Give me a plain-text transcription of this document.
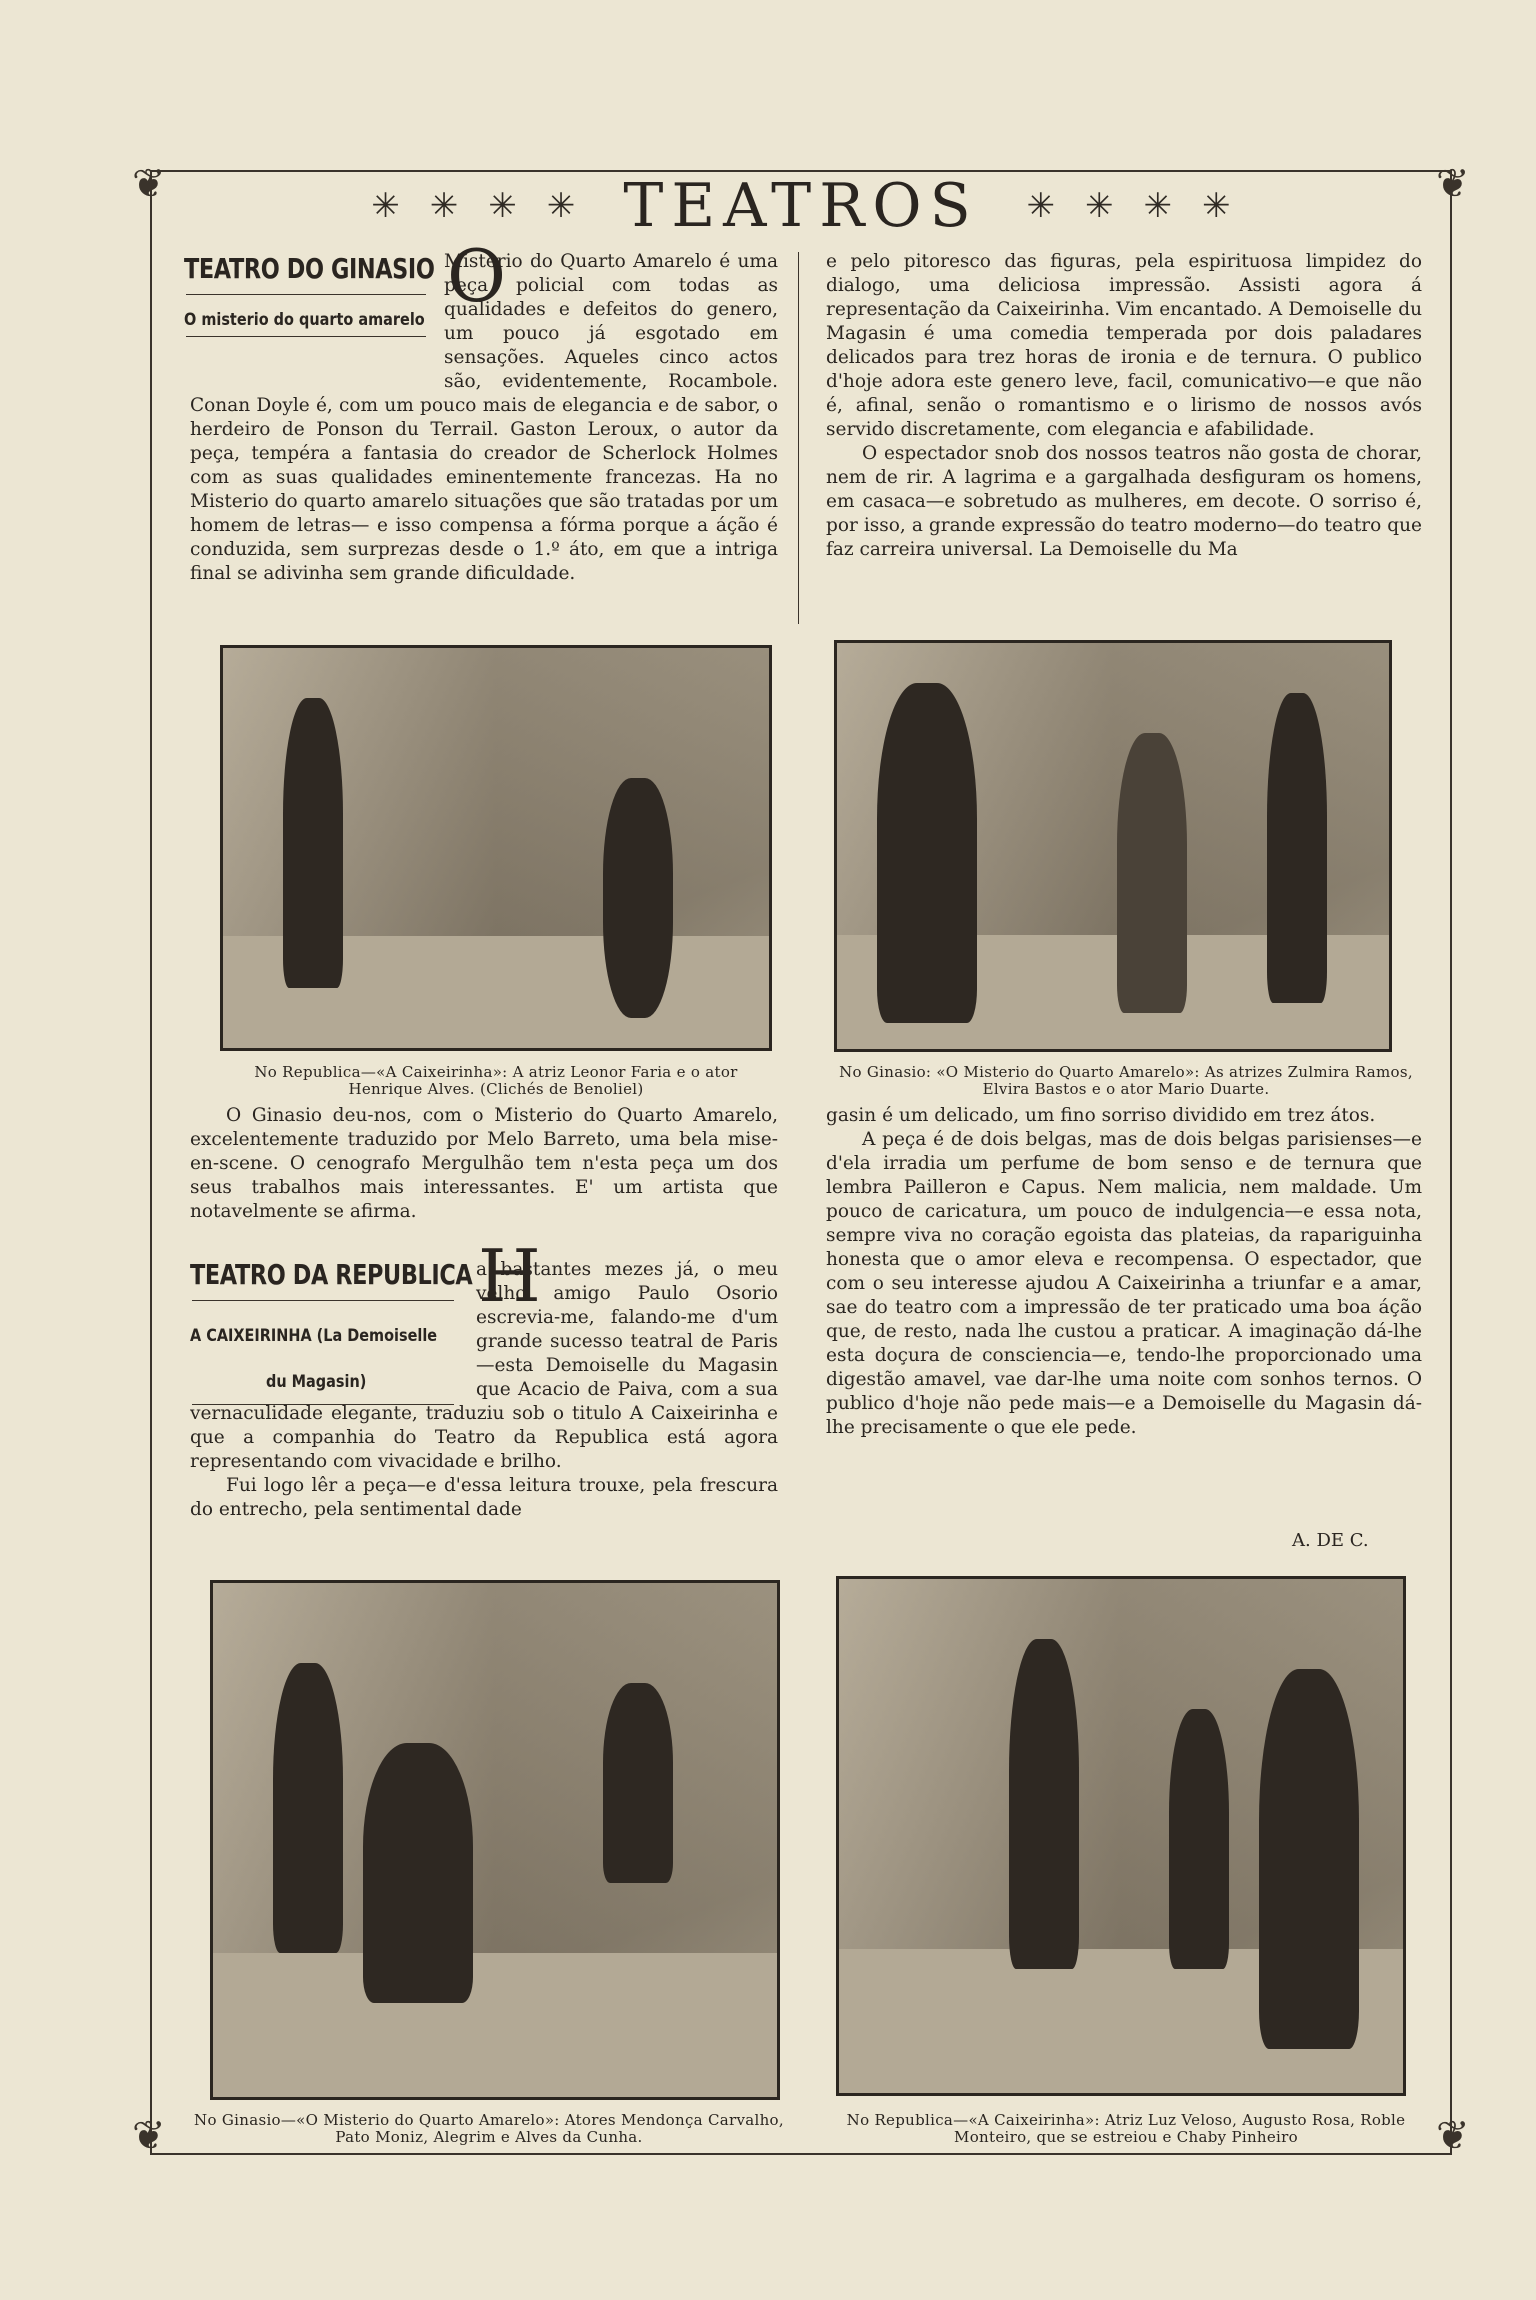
❦	❦
❦	❦
✳ ✳ ✳ ✳ TEATROS ✳ ✳ ✳ ✳
TEATRO DO GINASIO
O misterio do quarto amarelo
O

Misterio do Quarto Amarelo é uma peça policial com todas as qualidades e defeitos do genero, um pouco já esgotado em sensações. Aqueles cinco actos são, evidentemente, Rocambole. Conan Doyle é, com um pouco mais de elegancia e de sabor, o herdeiro de Ponson du Terrail. Gaston Leroux, o autor da peça, tempéra a fantasia do creador de Scherlock Holmes com as suas qualidades eminentemente francezas. Ha no Misterio do quarto amarelo situações que são tratadas por um homem de letras— e isso compensa a fórma porque a áção é conduzida, sem surprezas desde o 1.º áto, em que a intriga final se adivinha sem grande dificuldade.

e pelo pitoresco das figuras, pela espirituosa limpidez do dialogo, uma deliciosa impressão. Assisti agora á representação da Caixeirinha. Vim encantado. A Demoiselle du Magasin é uma comedia temperada por dois paladares delicados para trez horas de ironia e de ternura. O publico d'hoje adora este genero leve, facil, comunicativo—e que não é, afinal, senão o romantismo e o lirismo de nossos avós servido discretamente, com elegancia e afabilidade.

O espectador snob dos nossos teatros não gosta de chorar, nem de rir. A lagrima e a gargalhada desfiguram os homens, em casaca—e sobretudo as mulheres, em decote. O sorriso é, por isso, a grande expressão do teatro moderno—do teatro que faz carreira universal. La Demoiselle du Ma

No Republica—«A Caixeirinha»: A atriz Leonor Faria e o ator Henrique Alves. (Clichés de Benoliel)
No Ginasio: «O Misterio do Quarto Amarelo»: As atrizes Zulmira Ramos, Elvira Bastos e o ator Mario Duarte.

O Ginasio deu-nos, com o Misterio do Quarto Amarelo, excelentemente traduzido por Melo Barreto, uma bela mise-en-scene. O cenografo Mergulhão tem n'esta peça um dos seus trabalhos mais interessantes. E' um artista que notavelmente se afirma.

TEATRO DA REPUBLICA
A CAIXEIRINHA (La Demoiselle
du Magasin)
H

a bastantes mezes já, o meu velho amigo Paulo Osorio escrevia-me, falando-me d'um grande sucesso teatral de Paris—esta Demoiselle du Magasin que Acacio de Paiva, com a sua vernaculidade elegante, traduziu sob o titulo A Caixeirinha e que a companhia do Teatro da Republica está agora representando com vivacidade e brilho.

Fui logo lêr a peça—e d'essa leitura trouxe, pela frescura do entrecho, pela sentimental dade

gasin é um delicado, um fino sorriso dividido em trez átos.

A peça é de dois belgas, mas de dois belgas parisienses—e d'ela irradia um perfume de bom senso e de ternura que lembra Pailleron e Capus. Nem malicia, nem maldade. Um pouco de caricatura, um pouco de indulgencia—e essa nota, sempre viva no coração egoista das plateias, da rapariguinha honesta que o amor eleva e recompensa. O espectador, que com o seu interesse ajudou A Caixeirinha a triunfar e a amar, sae do teatro com a impressão de ter praticado uma boa áção que, de resto, nada lhe custou a praticar. A imaginação dá-lhe esta doçura de consciencia—e, tendo-lhe proporcionado uma digestão amavel, vae dar-lhe uma noite com sonhos ternos. O publico d'hoje não pede mais—e a Demoiselle du Magasin dá-lhe precisamente o que ele pede.

A. DE C.
No Ginasio—«O Misterio do Quarto Amarelo»: Atores Mendonça Carvalho, Pato Moniz, Alegrim e Alves da Cunha.
No Republica—«A Caixeirinha»: Atriz Luz Veloso, Augusto Rosa, Roble Monteiro, que se estreiou e Chaby Pinheiro
